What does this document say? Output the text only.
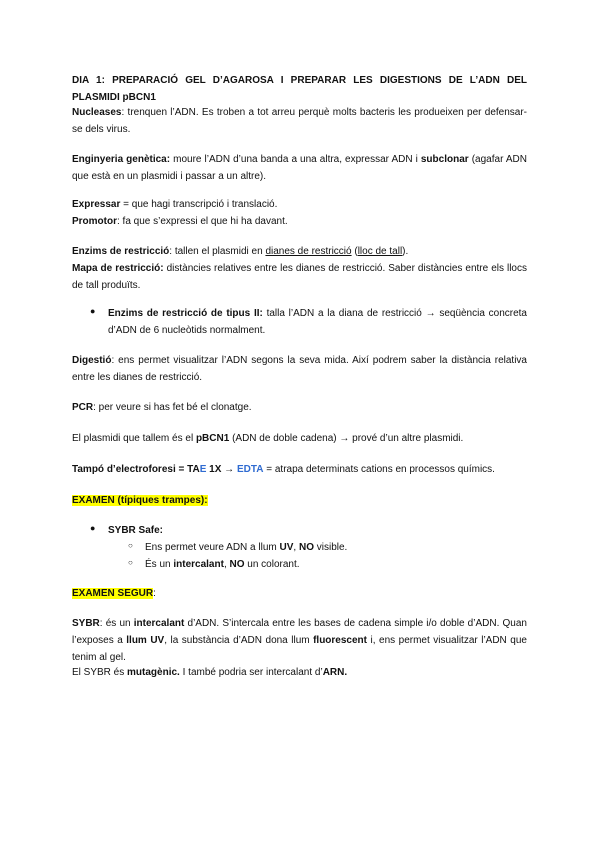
DIA 1: PREPARACIÓ GEL D’AGAROSA I PREPARAR LES DIGESTIONS DE L’ADN DEL PLASMIDI pBCN1
Nucleases: trenquen l’ADN. Es troben a tot arreu perquè molts bacteris les produeixen per defensar-se dels virus.
Enginyeria genètica: moure l’ADN d’una banda a una altra, expressar ADN i subclonar (agafar ADN que està en un plasmidi i passar a un altre).
Expressar = que hagi transcripció i translació.
Promotor: fa que s’expressi el que hi ha davant.
Enzims de restricció: tallen el plasmidi en dianes de restricció (lloc de tall).
Mapa de restricció: distàncies relatives entre les dianes de restricció. Saber distàncies entre els llocs de tall produïts.
● Enzims de restricció de tipus II: talla l’ADN a la diana de restricció → seqüència concreta d’ADN de 6 nucleòtids normalment.
Digestió: ens permet visualitzar l’ADN segons la seva mida. Així podrem saber la distància relativa entre les dianes de restricció.
PCR: per veure si has fet bé el clonatge.
El plasmidi que tallem és el pBCN1 (ADN de doble cadena) → prové d’un altre plasmidi.
Tampó d’electroforesi = TAE 1X → EDTA = atrapa determinats cations en processos químics.
EXAMEN (típiques trampes):
● SYBR Safe:
○ Ens permet veure ADN a llum UV, NO visible.
○ És un intercalant, NO un colorant.
EXAMEN SEGUR:
SYBR: és un intercalant d’ADN. S’intercala entre les bases de cadena simple i/o doble d’ADN. Quan l’exposes a llum UV, la substància d’ADN dona llum fluorescent i, ens permet visualitzar l’ADN que tenim al gel.
El SYBR és mutagènic. I també podria ser intercalant d’ARN.
